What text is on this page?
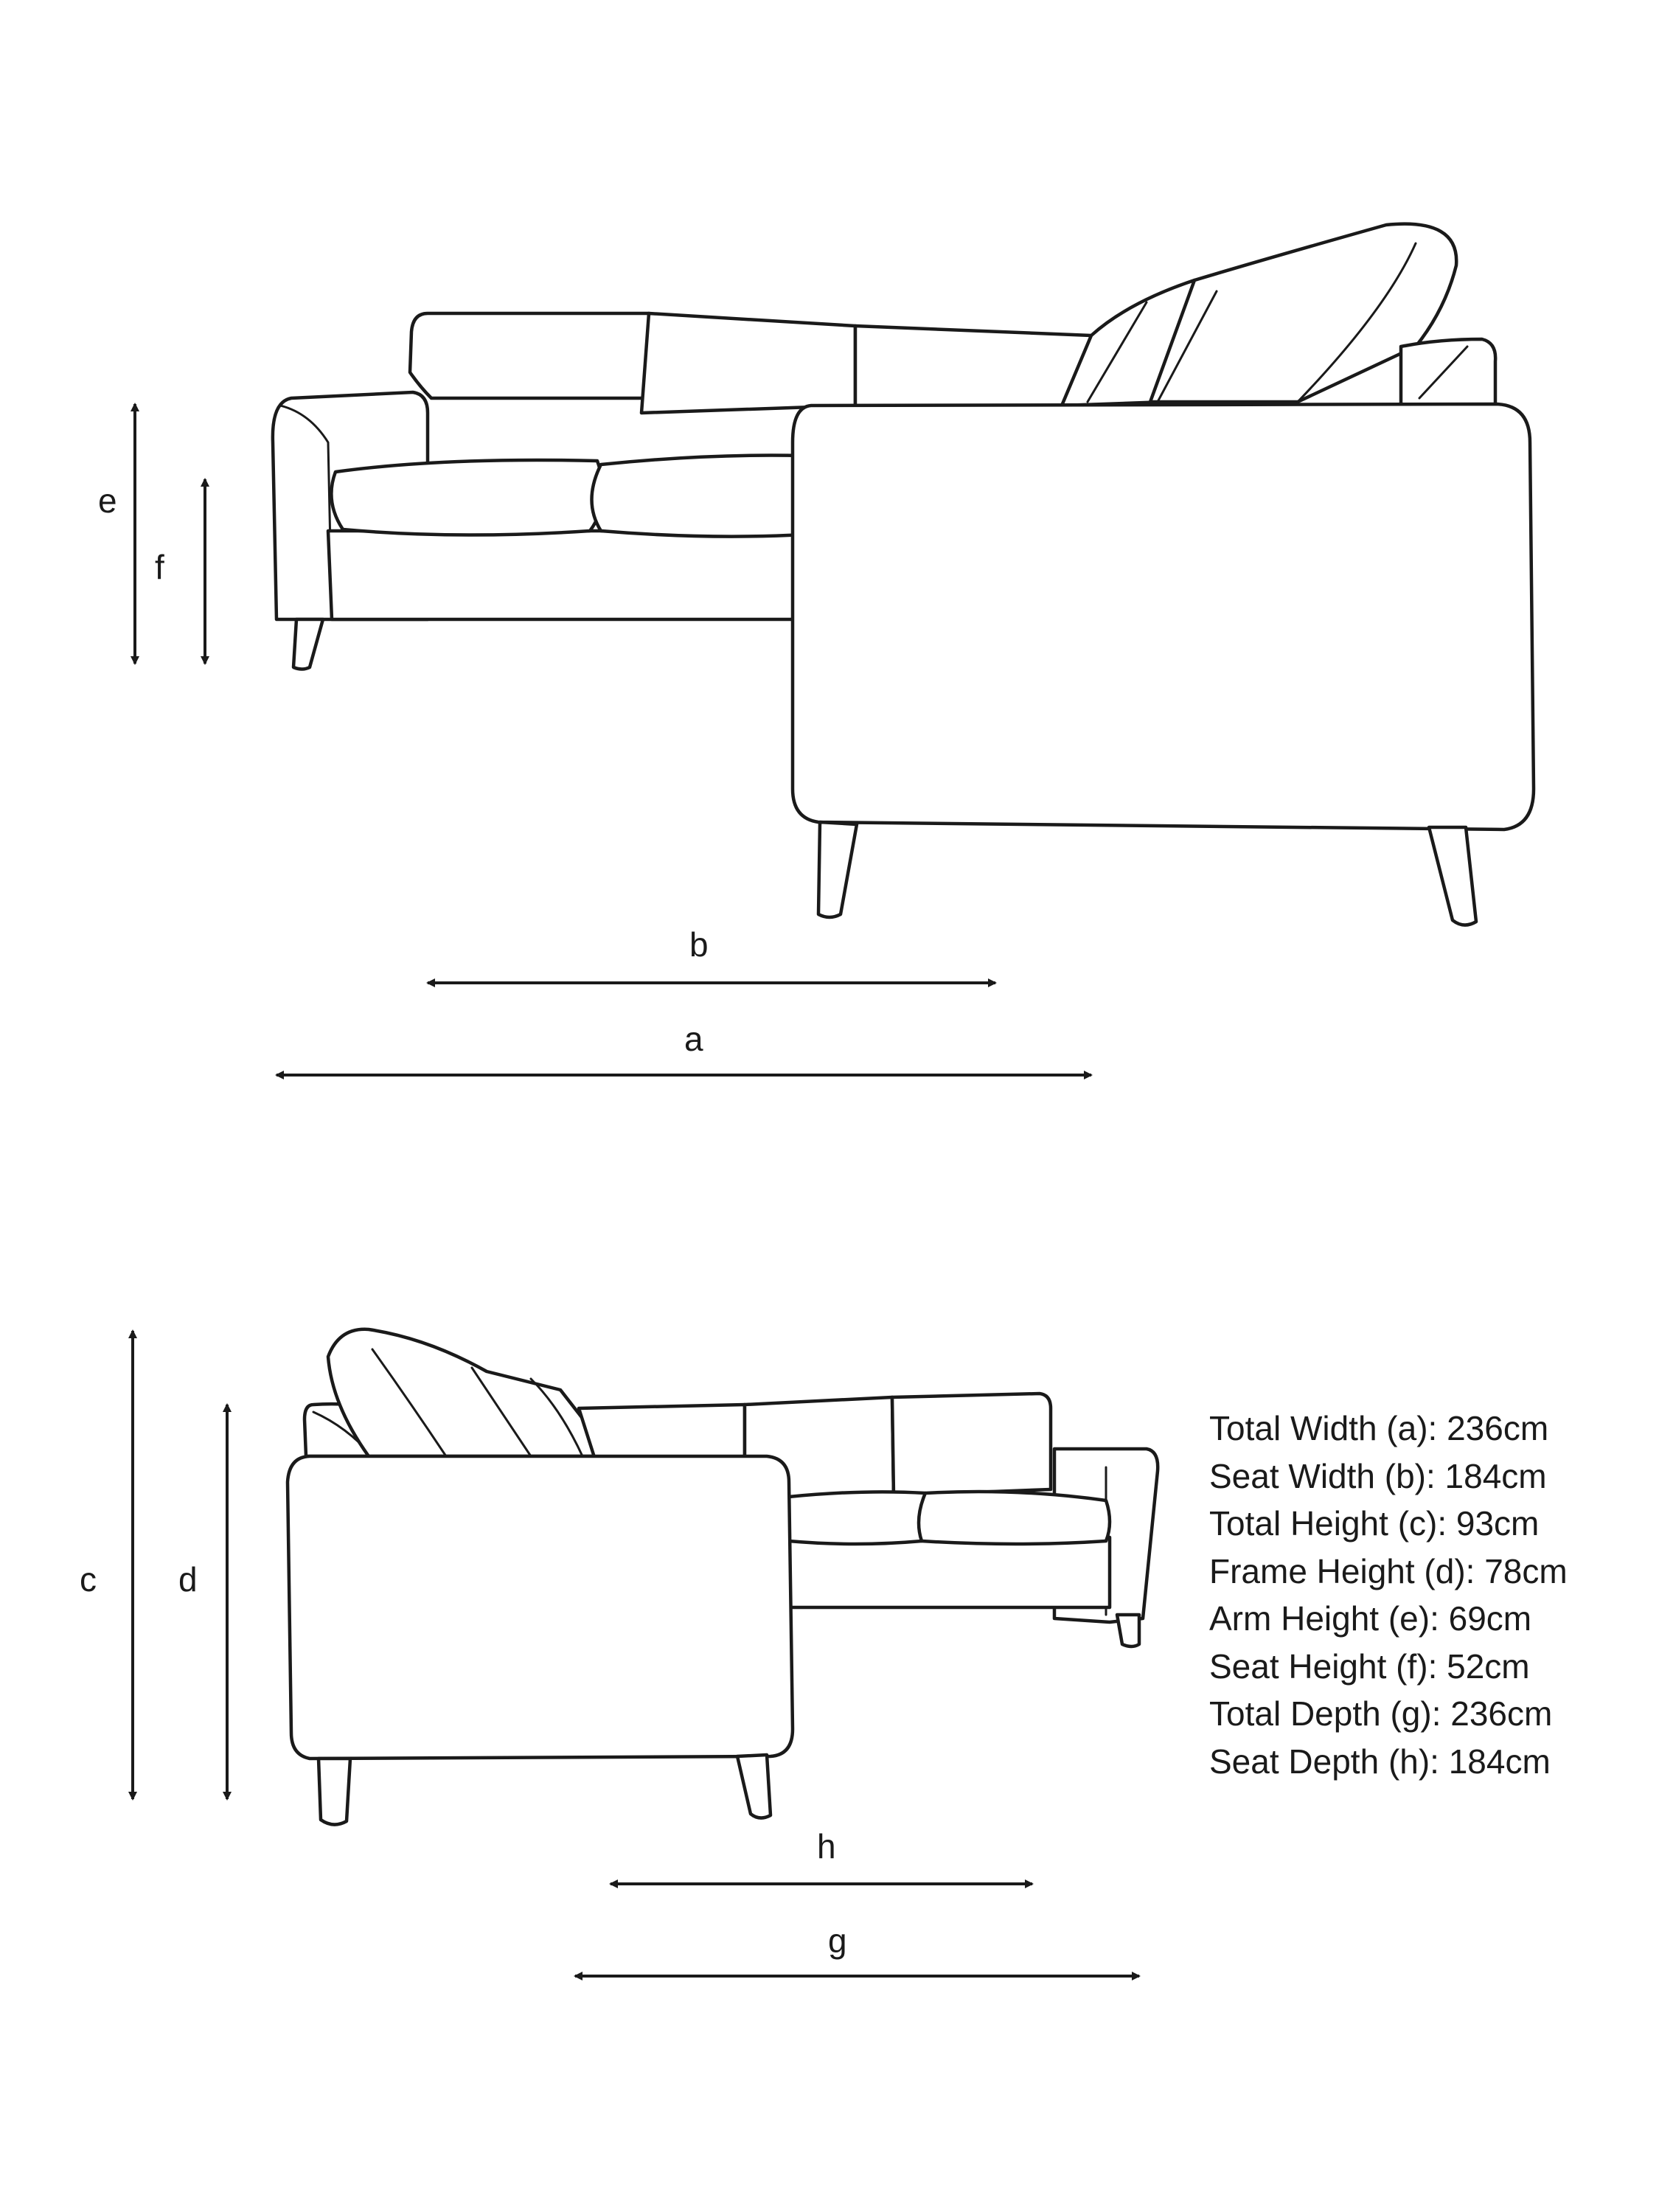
e
f
b
a
c d
h
g
Total Width (a): 236cm
Seat Width (b): 184cm
Total Height (c): 93cm
Frame Height (d): 78cm
Arm Height (e): 69cm
Seat Height (f): 52cm
Total Depth (g): 236cm
Seat Depth (h): 184cm
